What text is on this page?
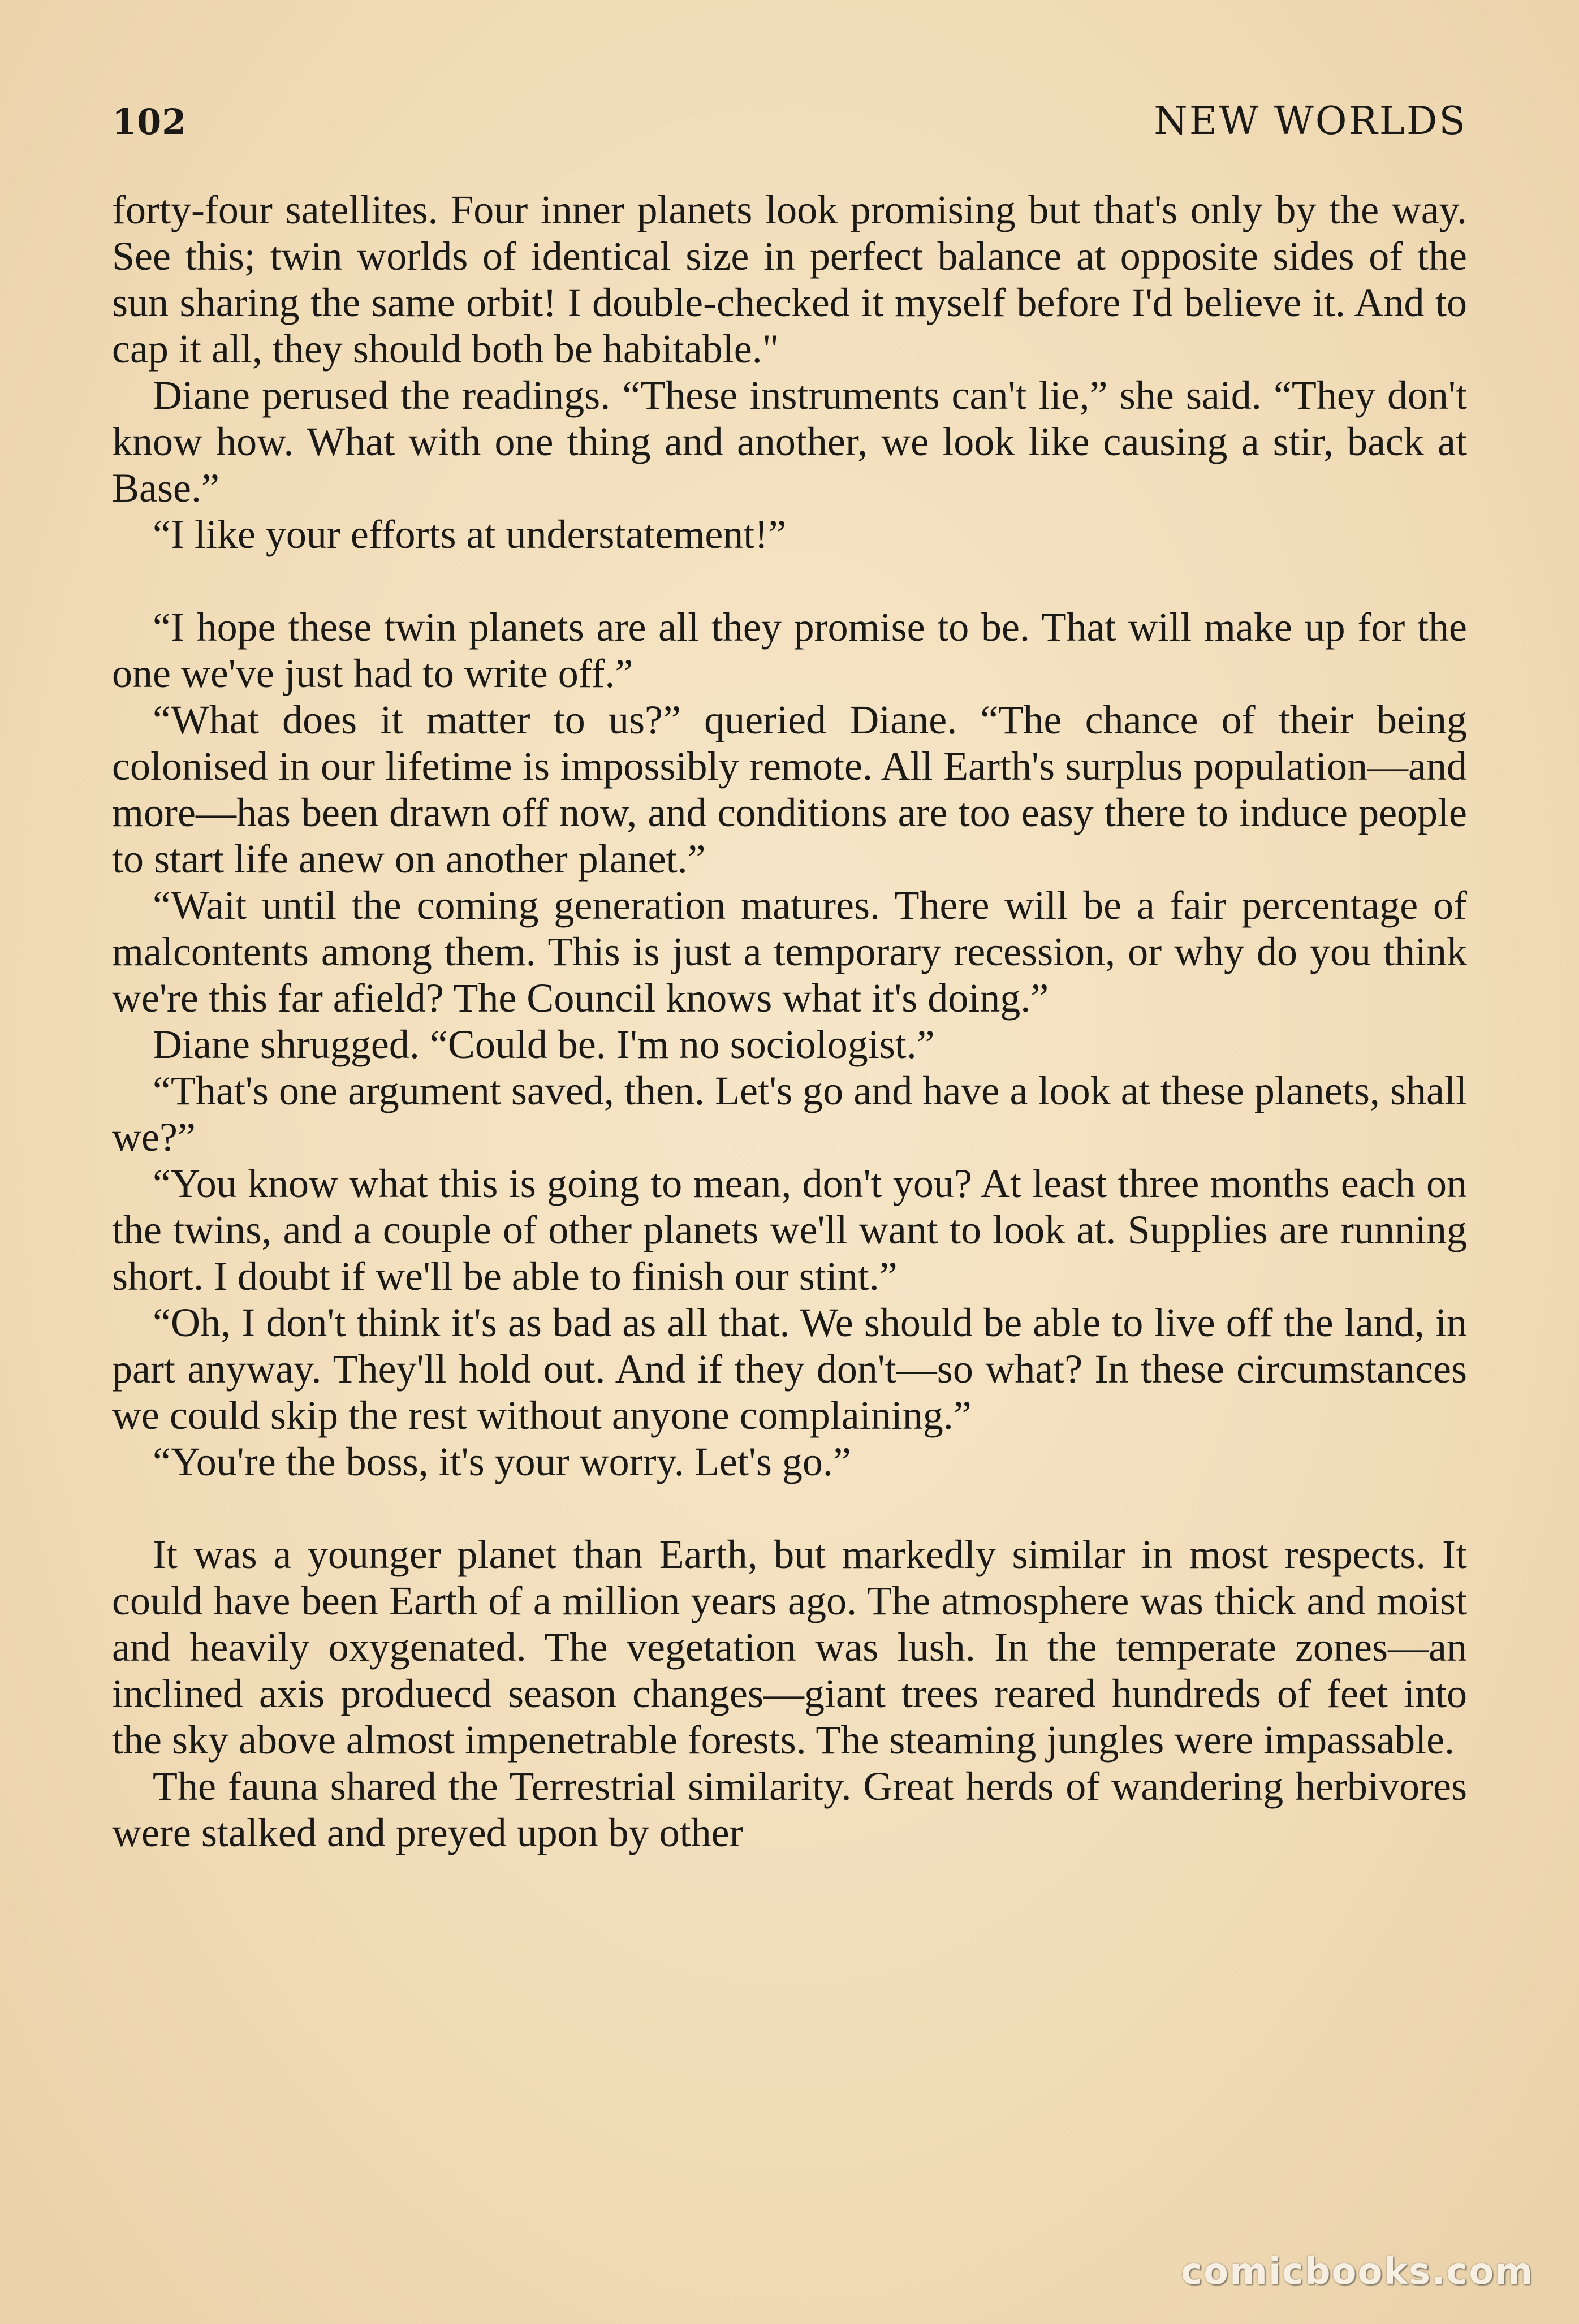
102	NEW WORLDS

forty-four satellites. Four inner planets look promising but that's only by the way. See this; twin worlds of identical size in perfect balance at opposite sides of the sun sharing the same orbit! I double-checked it myself before I'd believe it. And to cap it all, they should both be habitable."

Diane perused the readings. “These instruments can't lie,” she said. “They don't know how. What with one thing and another, we look like causing a stir, back at Base.”

“I like your efforts at understatement!”

“I hope these twin planets are all they promise to be. That will make up for the one we've just had to write off.”

“What does it matter to us?” queried Diane. “The chance of their being colonised in our lifetime is impossibly remote. All Earth's surplus population—and more—has been drawn off now, and conditions are too easy there to induce people to start life anew on another planet.”

“Wait until the coming generation matures. There will be a fair percentage of malcontents among them. This is just a temporary recession, or why do you think we're this far afield? The Council knows what it's doing.”

Diane shrugged. “Could be. I'm no sociologist.”

“That's one argument saved, then. Let's go and have a look at these planets, shall we?”

“You know what this is going to mean, don't you? At least three months each on the twins, and a couple of other planets we'll want to look at. Supplies are running short. I doubt if we'll be able to finish our stint.”

“Oh, I don't think it's as bad as all that. We should be able to live off the land, in part anyway. They'll hold out. And if they don't—so what? In these circumstances we could skip the rest without anyone complaining.”

“You're the boss, it's your worry. Let's go.”

It was a younger planet than Earth, but markedly similar in most respects. It could have been Earth of a million years ago. The atmosphere was thick and moist and heavily oxygenated. The vegetation was lush. In the temperate zones—an inclined axis produecd season changes—giant trees reared hundreds of feet into the sky above almost impenetrable forests. The steaming jungles were impassable.

The fauna shared the Terrestrial similarity. Great herds of wandering herbivores were stalked and preyed upon by other

comicbooks.com
